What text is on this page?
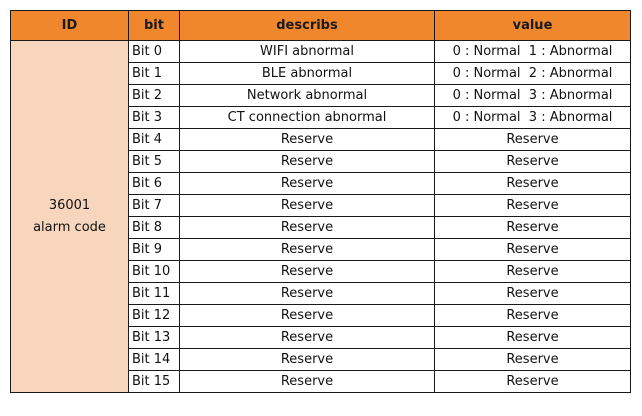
ID	bit	describs	value

36001
alarm code	Bit 0	WIFI abnormal	0 : Normal  1 : Abnormal
	Bit 1	BLE abnormal	0 : Normal  2 : Abnormal
	Bit 2	Network abnormal	0 : Normal  3 : Abnormal
	Bit 3	CT connection abnormal	0 : Normal  3 : Abnormal
	Bit 4	Reserve	Reserve
	Bit 5	Reserve	Reserve
	Bit 6	Reserve	Reserve
	Bit 7	Reserve	Reserve
	Bit 8	Reserve	Reserve
	Bit 9	Reserve	Reserve
	Bit 10	Reserve	Reserve
	Bit 11	Reserve	Reserve
	Bit 12	Reserve	Reserve
	Bit 13	Reserve	Reserve
	Bit 14	Reserve	Reserve
	Bit 15	Reserve	Reserve
